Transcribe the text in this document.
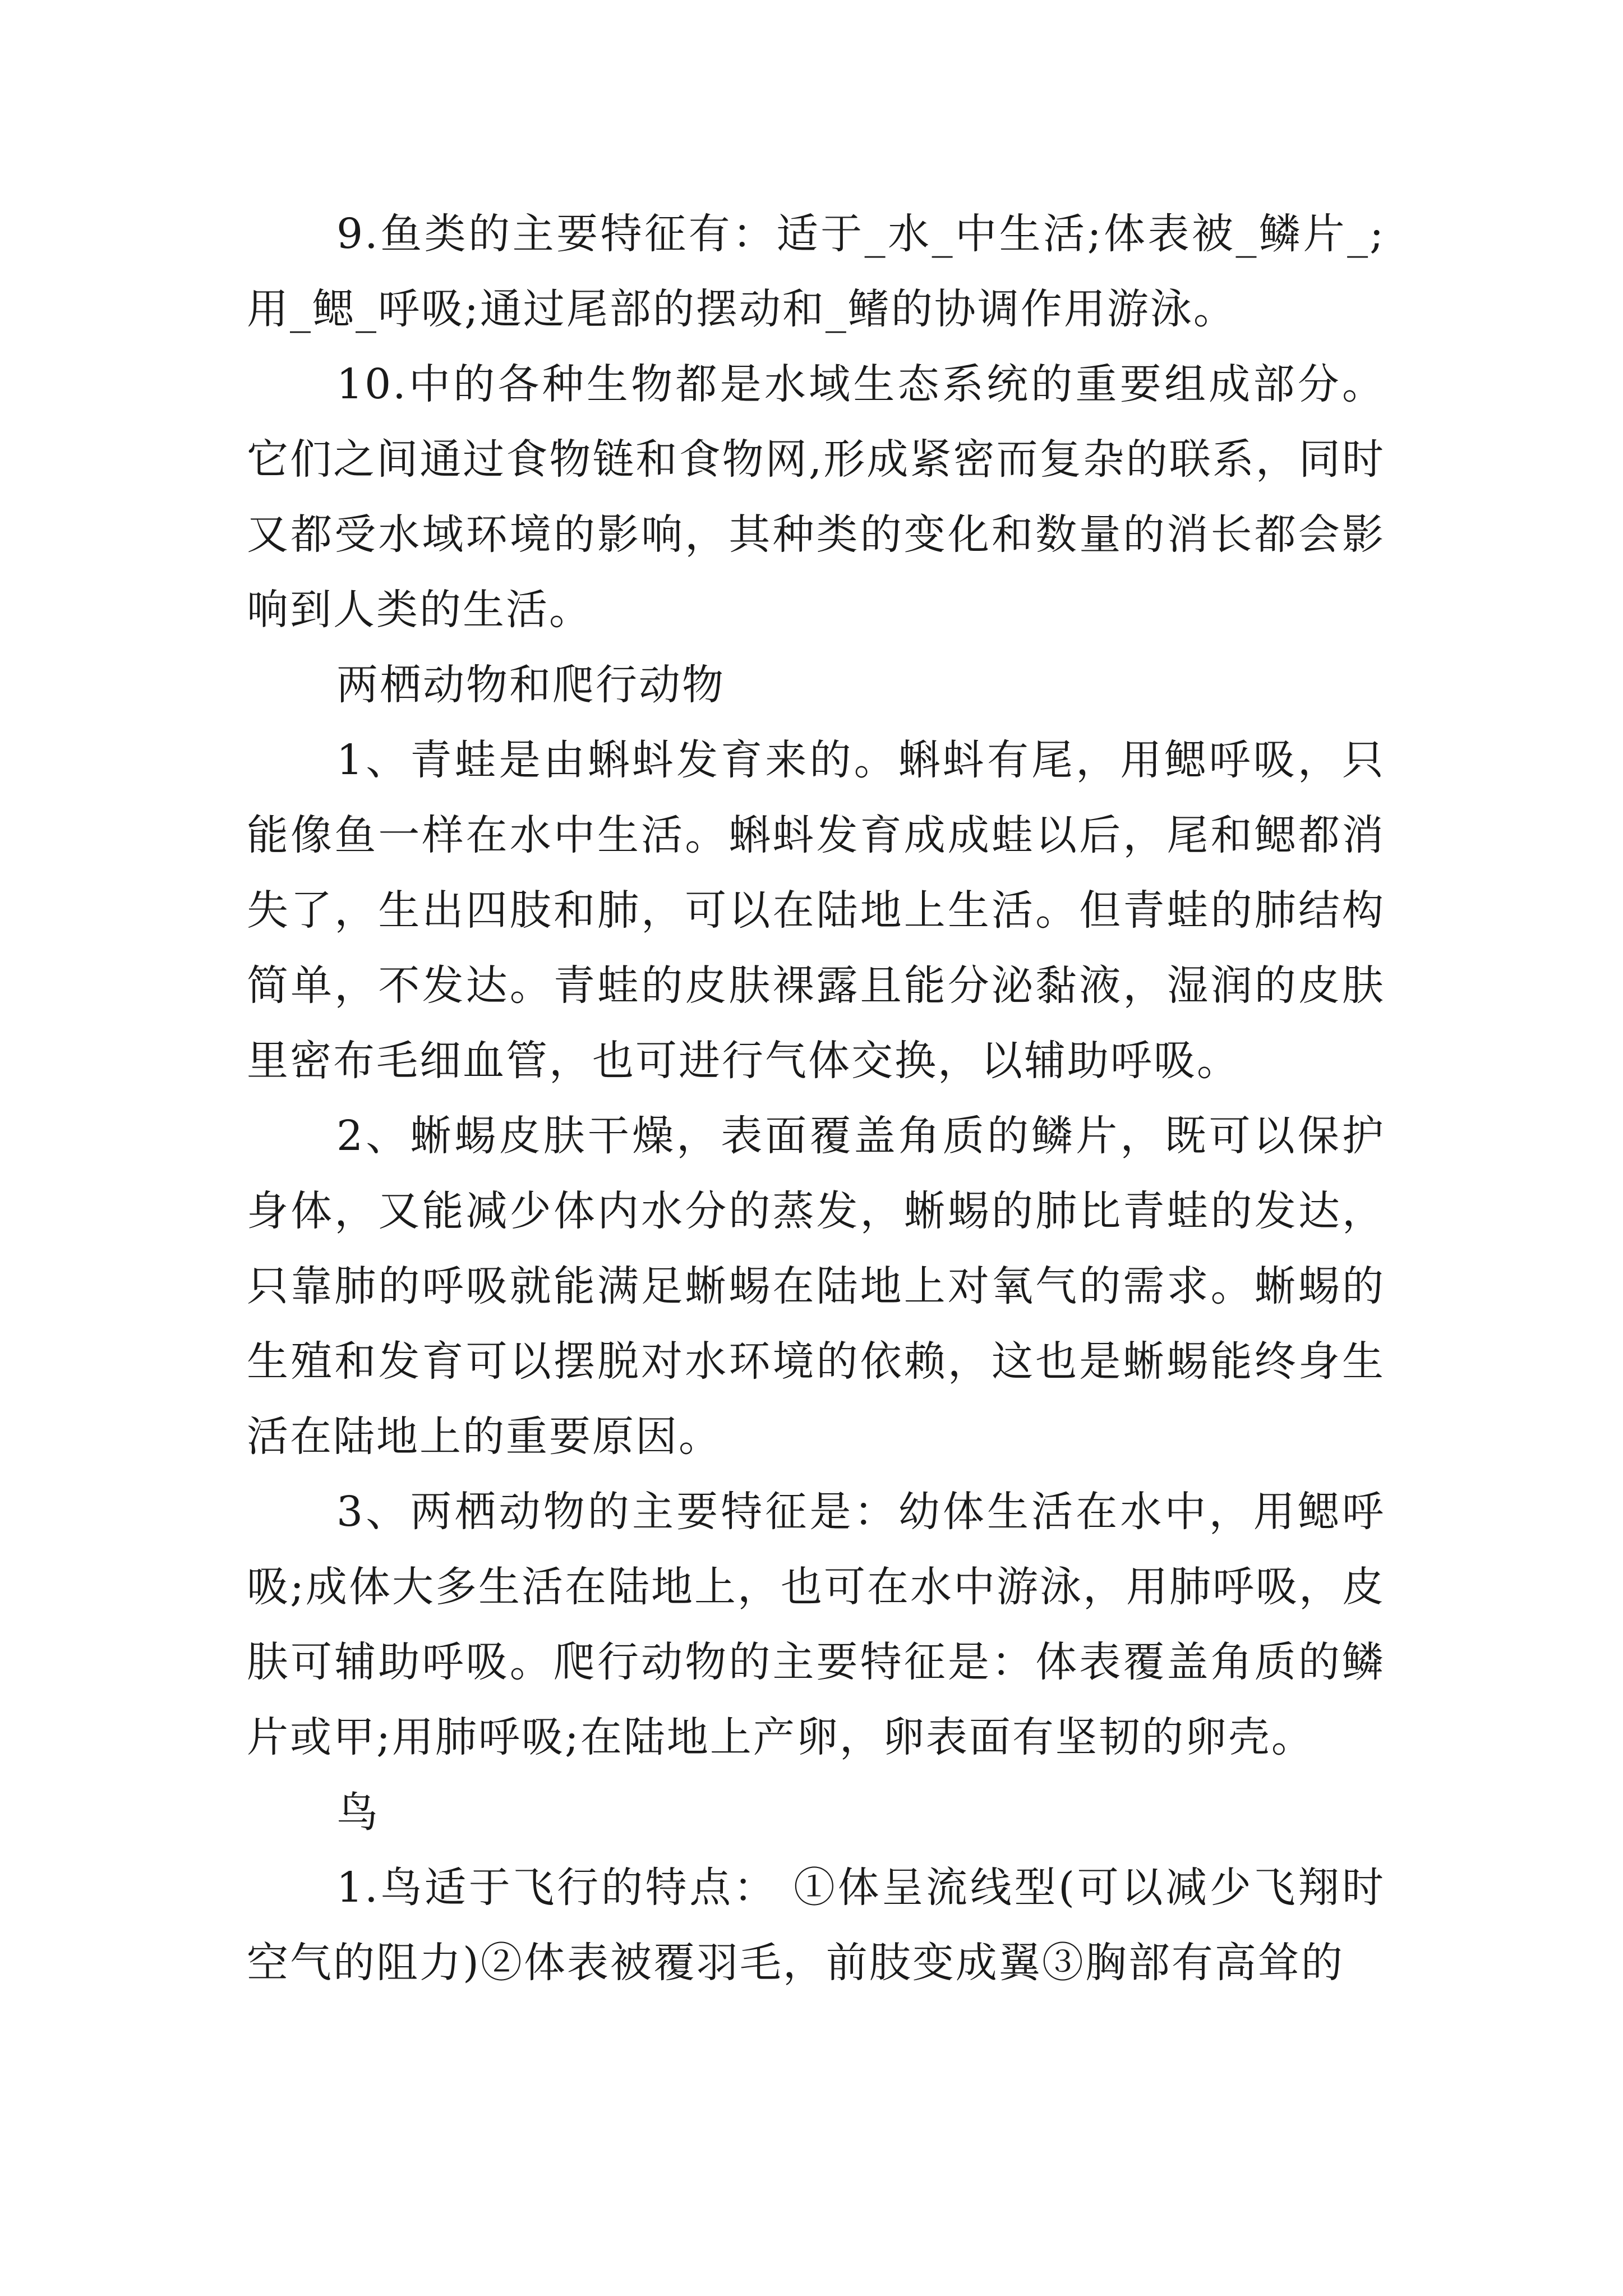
9.鱼类的主要特征有：适于_水_中生活;体表被_鳞片_;用_鳃_呼吸;通过尾部的摆动和_鳍的协调作用游泳。

10.中的各种生物都是水域生态系统的重要组成部分。它们之间通过食物链和食物网,形成紧密而复杂的联系，同时又都受水域环境的影响，其种类的变化和数量的消长都会影响到人类的生活。

两栖动物和爬行动物

1、青蛙是由蝌蚪发育来的。蝌蚪有尾，用鳃呼吸，只能像鱼一样在水中生活。蝌蚪发育成成蛙以后，尾和鳃都消失了，生出四肢和肺，可以在陆地上生活。但青蛙的肺结构简单，不发达。青蛙的皮肤裸露且能分泌黏液，湿润的皮肤里密布毛细血管，也可进行气体交换，以辅助呼吸。

2、蜥蜴皮肤干燥，表面覆盖角质的鳞片，既可以保护身体，又能减少体内水分的蒸发，蜥蜴的肺比青蛙的发达，只靠肺的呼吸就能满足蜥蜴在陆地上对氧气的需求。蜥蜴的生殖和发育可以摆脱对水环境的依赖，这也是蜥蜴能终身生活在陆地上的重要原因。

3、两栖动物的主要特征是：幼体生活在水中，用鳃呼吸;成体大多生活在陆地上，也可在水中游泳，用肺呼吸，皮肤可辅助呼吸。爬行动物的主要特征是：体表覆盖角质的鳞片或甲;用肺呼吸;在陆地上产卵，卵表面有坚韧的卵壳。

鸟

1.鸟适于飞行的特点： ①体呈流线型(可以减少飞翔时空气的阻力)②体表被覆羽毛，前肢变成翼③胸部有高耸的
